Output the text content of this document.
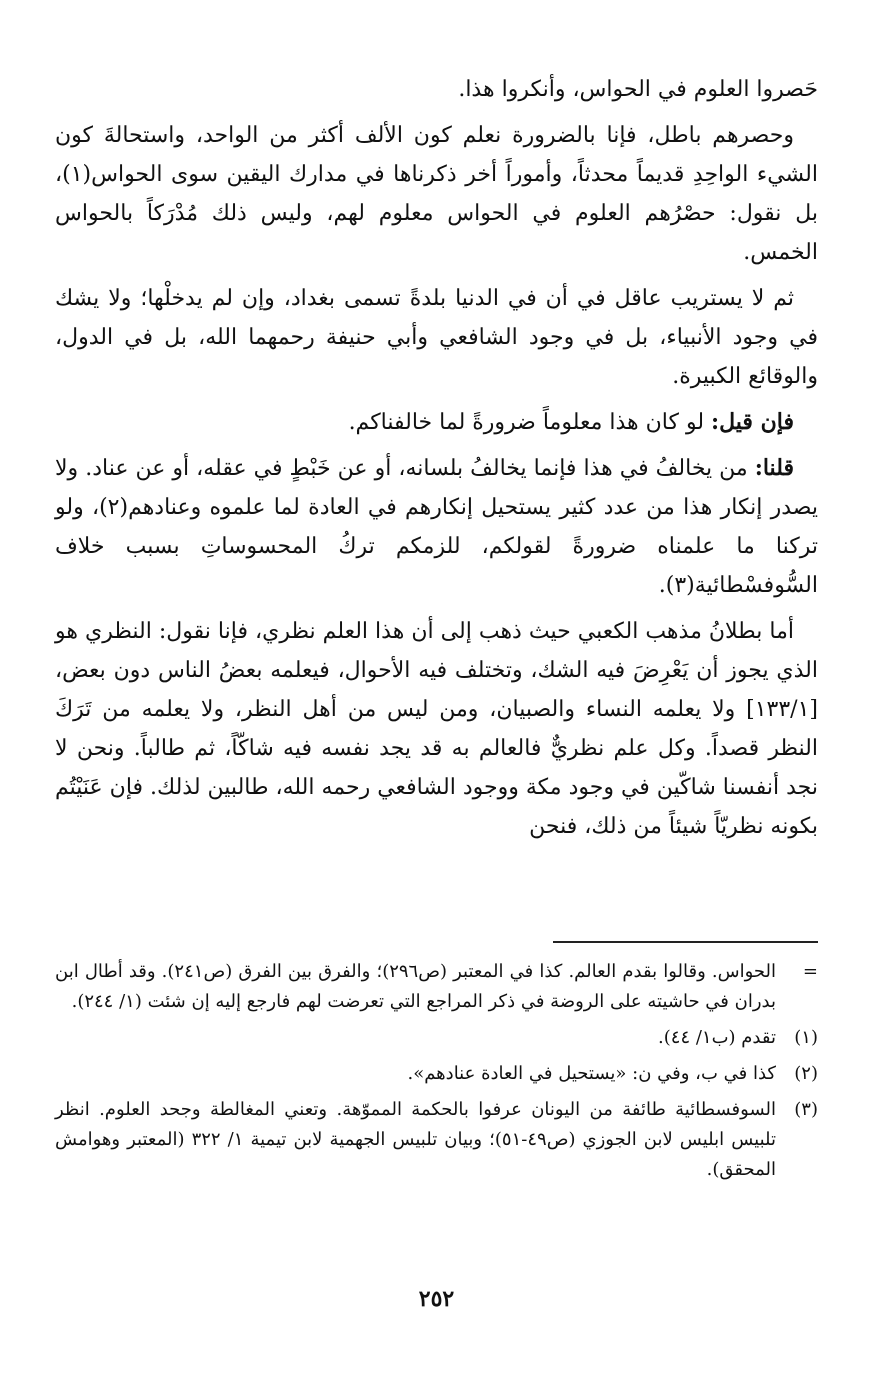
حَصروا العلوم في الحواس، وأنكروا هذا.

وحصرهم باطل، فإنا بالضرورة نعلم كون الألف أكثر من الواحد، واستحالةَ كون الشيء الواحِدِ قديماً محدثاً، وأموراً أخر ذكرناها في مدارك اليقين سوى الحواس(١)، بل نقول: حصْرُهم العلوم في الحواس معلوم لهم، وليس ذلك مُدْرَكاً بالحواس الخمس.

ثم لا يستريب عاقل في أن في الدنيا بلدةً تسمى بغداد، وإن لم يدخلْها؛ ولا يشك في وجود الأنبياء، بل في وجود الشافعي وأبي حنيفة رحمهما الله، بل في الدول، والوقائع الكبيرة.

فإن قيل: لو كان هذا معلوماً ضرورةً لما خالفناكم.

قلنا: من يخالفُ في هذا فإنما يخالفُ بلسانه، أو عن خَبْطٍ في عقله، أو عن عناد. ولا يصدر إنكار هذا من عدد كثير يستحيل إنكارهم في العادة لما علموه وعنادهم(٢)، ولو تركنا ما علمناه ضرورةً لقولكم، للزمكم تركُ المحسوساتِ بسبب خلاف السُّوفسْطائية(٣).

أما بطلانُ مذهب الكعبي حيث ذهب إلى أن هذا العلم نظري، فإنا نقول: النظري هو الذي يجوز أن يَعْرِضَ فيه الشك، وتختلف فيه الأحوال، فيعلمه بعضُ الناس دون بعض، [١٣٣/١] ولا يعلمه النساء والصبيان، ومن ليس من أهل النظر، ولا يعلمه من تَرَكَ النظر قصداً. وكل علم نظريٌّ فالعالم به قد يجد نفسه فيه شاكّاً، ثم طالباً. ونحن لا نجد أنفسنا شاكّين في وجود مكة ووجود الشافعي رحمه الله، طالبين لذلك. فإن عَنَيْتُم بكونه نظريّاً شيئاً من ذلك، فنحن

=
الحواس. وقالوا بقدم العالم. كذا في المعتبر (ص٢٩٦)؛ والفرق بين الفرق (ص٢٤١). وقد أطال ابن بدران في حاشيته على الروضة في ذكر المراجع التي تعرضت لهم فارجع إليه إن شئت (١/ ٢٤٤).
(١)
تقدم (ب١/ ٤٤).
(٢)
كذا في ب، وفي ن: «يستحيل في العادة عنادهم».
(٣)
السوفسطائية طائفة من اليونان عرفوا بالحكمة المموّهة. وتعني المغالطة وجحد العلوم. انظر تلبيس ابليس لابن الجوزي (ص٤٩-٥١)؛ وبيان تلبيس الجهمية لابن تيمية ١/ ٣٢٢ (المعتبر وهوامش المحقق).
٢٥٢
